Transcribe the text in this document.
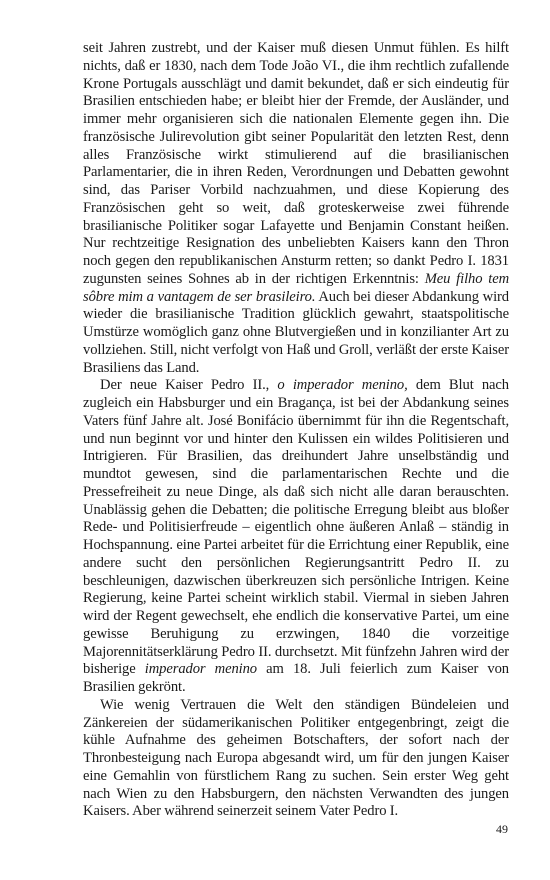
seit Jahren zustrebt, und der Kaiser muß diesen Unmut fühlen. Es hilft nichts, daß er 1830, nach dem Tode João VI., die ihm rechtlich zufallende Krone Portugals ausschlägt und damit bekundet, daß er sich eindeutig für Brasilien entschieden habe; er bleibt hier der Fremde, der Ausländer, und immer mehr organisieren sich die nationalen Elemente gegen ihn. Die französische Julirevolution gibt seiner Popularität den letzten Rest, denn alles Französische wirkt stimulierend auf die brasilianischen Parlamentarier, die in ihren Reden, Verordnungen und Debatten gewohnt sind, das Pariser Vorbild nachzuahmen, und diese Kopierung des Französischen geht so weit, daß groteskerweise zwei führende brasilianische Politiker sogar Lafayette und Benjamin Constant heißen. Nur rechtzeitige Resignation des unbeliebten Kaisers kann den Thron noch gegen den republikanischen Ansturm retten; so dankt Pedro I. 1831 zugunsten seines Sohnes ab in der richtigen Erkenntnis: Meu filho tem sôbre mim a vantagem de ser brasileiro. Auch bei dieser Abdankung wird wieder die brasilianische Tradition glücklich gewahrt, staatspolitische Umstürze womöglich ganz ohne Blutvergießen und in konzilianter Art zu vollziehen. Still, nicht verfolgt von Haß und Groll, verläßt der erste Kaiser Brasiliens das Land.

Der neue Kaiser Pedro II., o imperador menino, dem Blut nach zugleich ein Habsburger und ein Bragança, ist bei der Abdankung seines Vaters fünf Jahre alt. José Bonifácio übernimmt für ihn die Regentschaft, und nun beginnt vor und hinter den Kulissen ein wildes Politisieren und Intrigieren. Für Brasilien, das dreihundert Jahre unselbständig und mundtot gewesen, sind die parlamentarischen Rechte und die Pressefreiheit zu neue Dinge, als daß sich nicht alle daran berauschten. Unablässig gehen die Debatten; die politische Erregung bleibt aus bloßer Rede- und Politisierfreude – eigentlich ohne äußeren Anlaß – ständig in Hochspannung. eine Partei arbeitet für die Errichtung einer Republik, eine andere sucht den persönlichen Regierungsantritt Pedro II. zu beschleunigen, dazwischen überkreuzen sich persönliche Intrigen. Keine Regierung, keine Partei scheint wirklich stabil. Viermal in sieben Jahren wird der Regent gewechselt, ehe endlich die konservative Partei, um eine gewisse Beruhigung zu erzwingen, 1840 die vorzeitige Majorennitätserklärung Pedro II. durchsetzt. Mit fünfzehn Jahren wird der bisherige imperador menino am 18. Juli feierlich zum Kaiser von Brasilien gekrönt.

Wie wenig Vertrauen die Welt den ständigen Bündeleien und Zänkereien der südamerikanischen Politiker entgegenbringt, zeigt die kühle Aufnahme des geheimen Botschafters, der sofort nach der Thronbesteigung nach Europa abgesandt wird, um für den jungen Kaiser eine Gemahlin von fürstlichem Rang zu suchen. Sein erster Weg geht nach Wien zu den Habsburgern, den nächsten Verwandten des jungen Kaisers. Aber während seinerzeit seinem Vater Pedro I.

49
